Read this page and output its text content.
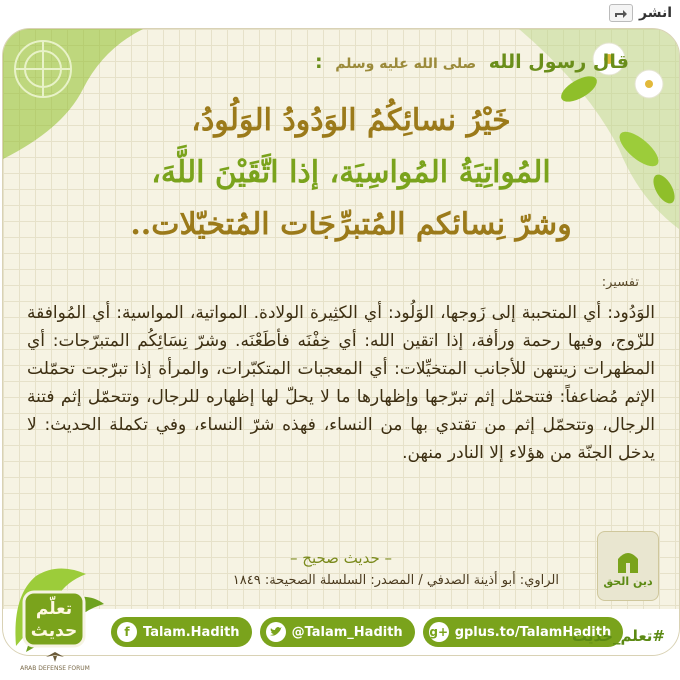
انشر
قال رسول الله صلى الله عليه وسلم :
خَيْرُ نسائِكُمُ الوَدُودُ الوَلُودُ،
المُواتِيَةُ المُواسِيَة، إذا اتَّقَيْنَ اللَّهَ،
وشرّ نِسائكم المُتبرِّجَات المُتخيّلات..
تفسير:
الوَدُود: أي المتحببة إلى زَوجها، الوَلُود: أي الكثِيرة الولادة. المواتية، المواسية: أي المُوافقة للزّوج، وفيها رحمة ورأفة، إذا اتقين الله: أي خِفْنَه فأطَعْنَه. وشرّ نِسَائِكُم المتبرّجات: أي المظهرات زينتهن للأجانب المتخيِّلات: أي المعجبات المتكبّرات، والمرأة إذا تبرّجت تحمّلت الإثم مُضاعفاً: فتتحمّل إثم تبرّجها وإظهارها ما لا يحلّ لها إظهاره للرجال، وتتحمّل إثم فتنة الرجال، وتتحمّل إثم من تقتدي بها من النساء، فهذه شرّ النساء، وفي تكملة الحديث: لا يدخل الجنّة من هؤلاء إلا النادر منهن.
– حديث صحيح –
الراوي: أبو أذينة الصدفي / المصدر: السلسلة الصحيحة: ١٨٤٩	دين الحق
f	Talam.Hadith	@Talam_Hadith g+ gplus.to/TalamHadith
#تعلم_حديث
تعلّم
حديث

ARAB DEFENSE FORUM
